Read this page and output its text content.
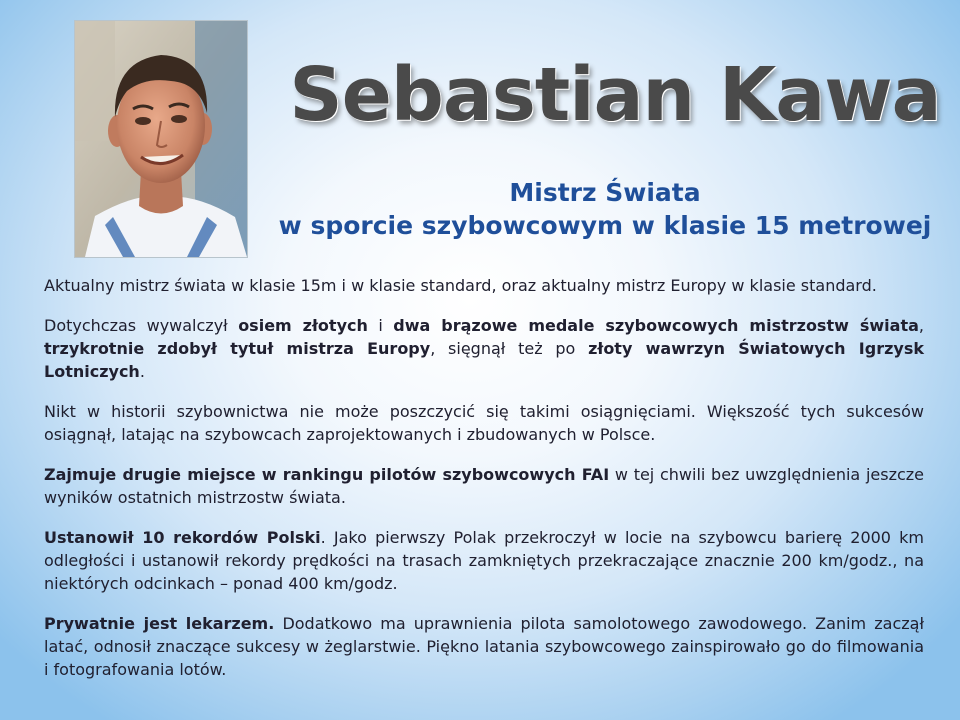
Sebastian Kawa
Mistrz Świata
w sporcie szybowcowym w klasie 15 metrowej

Aktualny mistrz świata w klasie 15m i w klasie standard, oraz aktualny mistrz Europy w klasie standard.

Dotychczas wywalczył osiem złotych i dwa brązowe medale szybowcowych mistrzostw świata, trzykrotnie zdobył tytuł mistrza Europy, sięgnął też po złoty wawrzyn Światowych Igrzysk Lotniczych.

Nikt w historii szybownictwa nie może poszczycić się takimi osiągnięciami. Większość tych sukcesów osiągnął, latając na szybowcach zaprojektowanych i zbudowanych w Polsce.

Zajmuje drugie miejsce w rankingu pilotów szybowcowych FAI w tej chwili bez uwzględnienia jeszcze wyników ostatnich mistrzostw świata.

Ustanowił 10 rekordów Polski. Jako pierwszy Polak przekroczył w locie na szybowcu barierę 2000 km odległości i ustanowił rekordy prędkości na trasach zamkniętych przekraczające znacznie 200 km/godz., na niektórych odcinkach – ponad 400 km/godz.

Prywatnie jest lekarzem. Dodatkowo ma uprawnienia pilota samolotowego zawodowego. Zanim zaczął latać, odnosił znaczące sukcesy w żeglarstwie. Piękno latania szybowcowego zainspirowało go do filmowania i fotografowania lotów.
